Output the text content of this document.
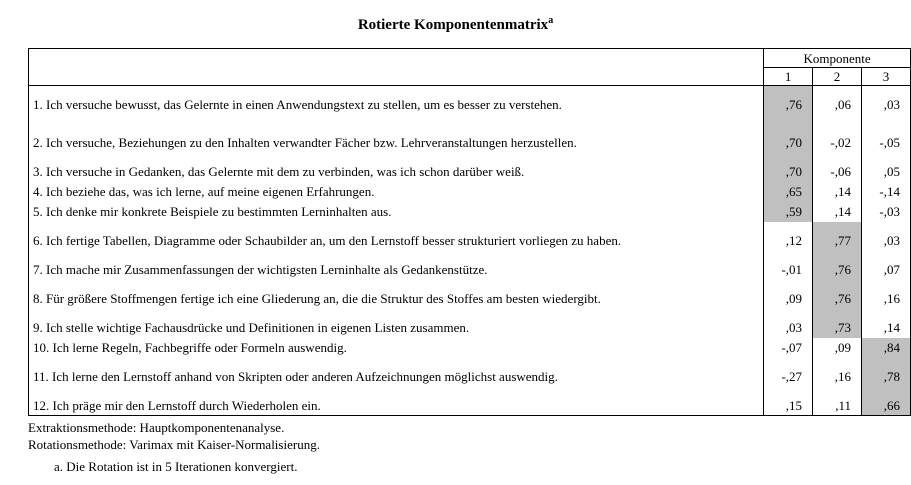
Rotierte Komponentenmatrix$^a$
	Komponente		
	1	2	3
1. Ich versuche bewusst, das Gelernte in einen Anwendungstext zu stellen, um es besser zu verstehen.	,76	,06	,03
2. Ich versuche, Beziehungen zu den Inhalten verwandter Fächer bzw. Lehrveranstaltungen herzustellen.	,70	-,02	-,05
3. Ich versuche in Gedanken, das Gelernte mit dem zu verbinden, was ich schon darüber weiß.	,70	-,06	,05
4. Ich beziehe das, was ich lerne, auf meine eigenen Erfahrungen.	,65	,14	-,14
5. Ich denke mir konkrete Beispiele zu bestimmten Lerninhalten aus.	,59	,14	-,03
6. Ich fertige Tabellen, Diagramme oder Schaubilder an, um den Lernstoff besser strukturiert vorliegen zu haben.	,12	,77	,03
7. Ich mache mir Zusammenfassungen der wichtigsten Lerninhalte als Gedankenstütze.	-,01	,76	,07
8. Für größere Stoffmengen fertige ich eine Gliederung an, die die Struktur des Stoffes am besten wiedergibt.	,09	,76	,16
9. Ich stelle wichtige Fachausdrücke und Definitionen in eigenen Listen zusammen.	,03	,73	,14
10. Ich lerne Regeln, Fachbegriffe oder Formeln auswendig.	-,07	,09	,84
11. Ich lerne den Lernstoff anhand von Skripten oder anderen Aufzeichnungen möglichst auswendig.	-,27	,16	,78
12. Ich präge mir den Lernstoff durch Wiederholen ein.	,15	,11	,66
Extraktionsmethode: Hauptkomponentenanalyse.
Rotationsmethode: Varimax mit Kaiser-Normalisierung.
a. Die Rotation ist in 5 Iterationen konvergiert.
